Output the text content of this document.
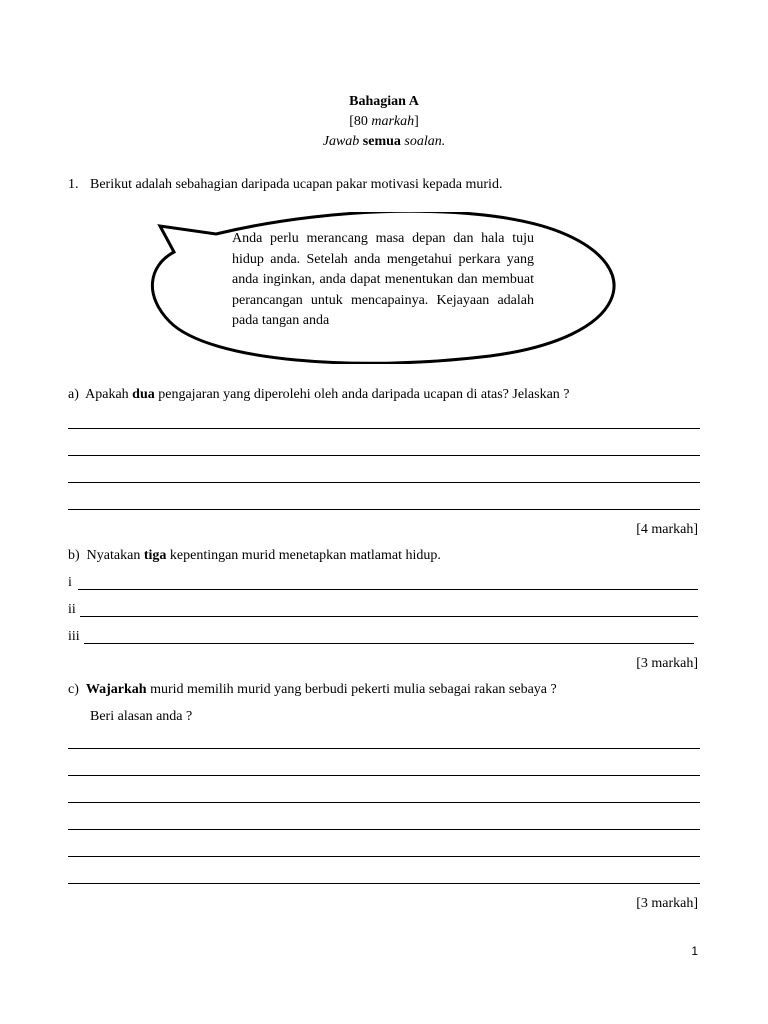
Bahagian A
[80 markah]
Jawab semua soalan.
1. Berikut adalah sebahagian daripada ucapan pakar motivasi kepada murid.
Anda perlu merancang masa depan dan hala tuju hidup anda. Setelah anda mengetahui perkara yang anda inginkan, anda dapat menentukan dan membuat perancangan untuk mencapainya. Kejayaan adalah pada tangan anda
a) Apakah dua pengajaran yang diperolehi oleh anda daripada ucapan di atas? Jelaskan ?
[4 markah]
b) Nyatakan tiga kepentingan murid menetapkan matlamat hidup.
i
ii
iii
[3 markah]
c) Wajarkah murid memilih murid yang berbudi pekerti mulia sebagai rakan sebaya ?
Beri alasan anda ?
[3 markah]
1
